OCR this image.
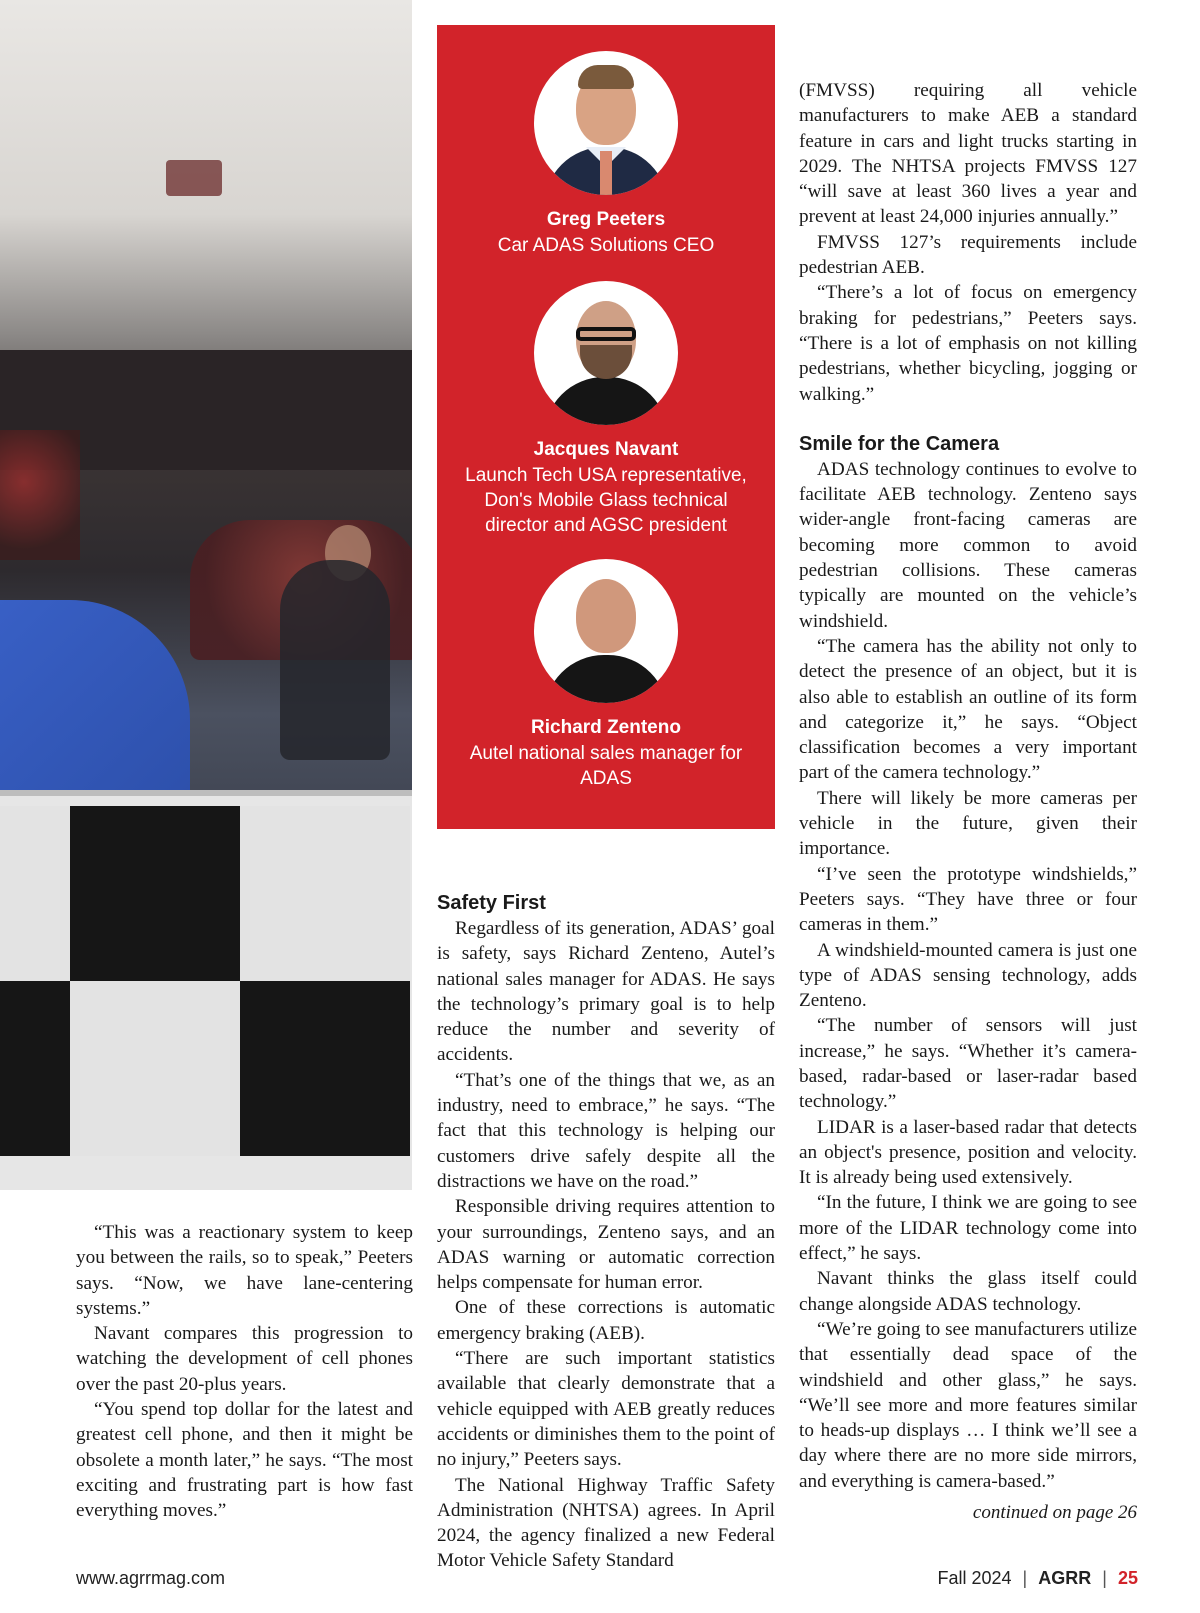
Greg Peeters
Car ADAS Solutions CEO
Jacques Navant
Launch Tech USA representative, Don's Mobile Glass technical director and AGSC president
Richard Zenteno
Autel national sales manager for ADAS

“This was a reactionary system to keep you between the rails, so to speak,” Peeters says. “Now, we have lane-centering systems.”

Navant compares this progression to watching the development of cell phones over the past 20-plus years.

“You spend top dollar for the latest and greatest cell phone, and then it might be obsolete a month later,” he says. “The most exciting and frustrating part is how fast everything moves.”

Safety First

Regardless of its generation, ADAS’ goal is safety, says Richard Zenteno, Autel’s national sales manager for ADAS. He says the technology’s primary goal is to help reduce the number and severity of accidents.

“That’s one of the things that we, as an industry, need to embrace,” he says. “The fact that this technology is helping our customers drive safely despite all the distractions we have on the road.”

Responsible driving requires attention to your surroundings, Zenteno says, and an ADAS warning or automatic correction helps compensate for human error.

One of these corrections is automatic emergency braking (AEB).

“There are such important statistics available that clearly demonstrate that a vehicle equipped with AEB greatly reduces accidents or diminishes them to the point of no injury,” Peeters says.

The National Highway Traffic Safety Administration (NHTSA) agrees. In April 2024, the agency finalized a new Federal Motor Vehicle Safety Standard

(FMVSS) requiring all vehicle manufacturers to make AEB a standard feature in cars and light trucks starting in 2029. The NHTSA projects FMVSS 127 “will save at least 360 lives a year and prevent at least 24,000 injuries annually.”

FMVSS 127’s requirements include pedestrian AEB.

“There’s a lot of focus on emergency braking for pedestrians,” Peeters says. “There is a lot of emphasis on not killing pedestrians, whether bicycling, jogging or walking.”

Smile for the Camera

ADAS technology continues to evolve to facilitate AEB technology. Zenteno says wider-angle front-facing cameras are becoming more common to avoid pedestrian collisions. These cameras typically are mounted on the vehicle’s windshield.

“The camera has the ability not only to detect the presence of an object, but it is also able to establish an outline of its form and categorize it,” he says. “Object classification becomes a very important part of the camera technology.”

There will likely be more cameras per vehicle in the future, given their importance.

“I’ve seen the prototype windshields,” Peeters says. “They have three or four cameras in them.”

A windshield-mounted camera is just one type of ADAS sensing technology, adds Zenteno.

“The number of sensors will just increase,” he says. “Whether it’s camera-based, radar-based or laser-radar based technology.”

LIDAR is a laser-based radar that detects an object's presence, position and velocity. It is already being used extensively.

“In the future, I think we are going to see more of the LIDAR technology come into effect,” he says.

Navant thinks the glass itself could change alongside ADAS technology.

“We’re going to see manufacturers utilize that essentially dead space of the windshield and other glass,” he says. “We’ll see more and more features similar to heads-up displays … I think we’ll see a day where there are no more side mirrors, and everything is camera-based.”

continued on page 26
www.agrrmag.com	Fall 2024 | AGRR | 25
